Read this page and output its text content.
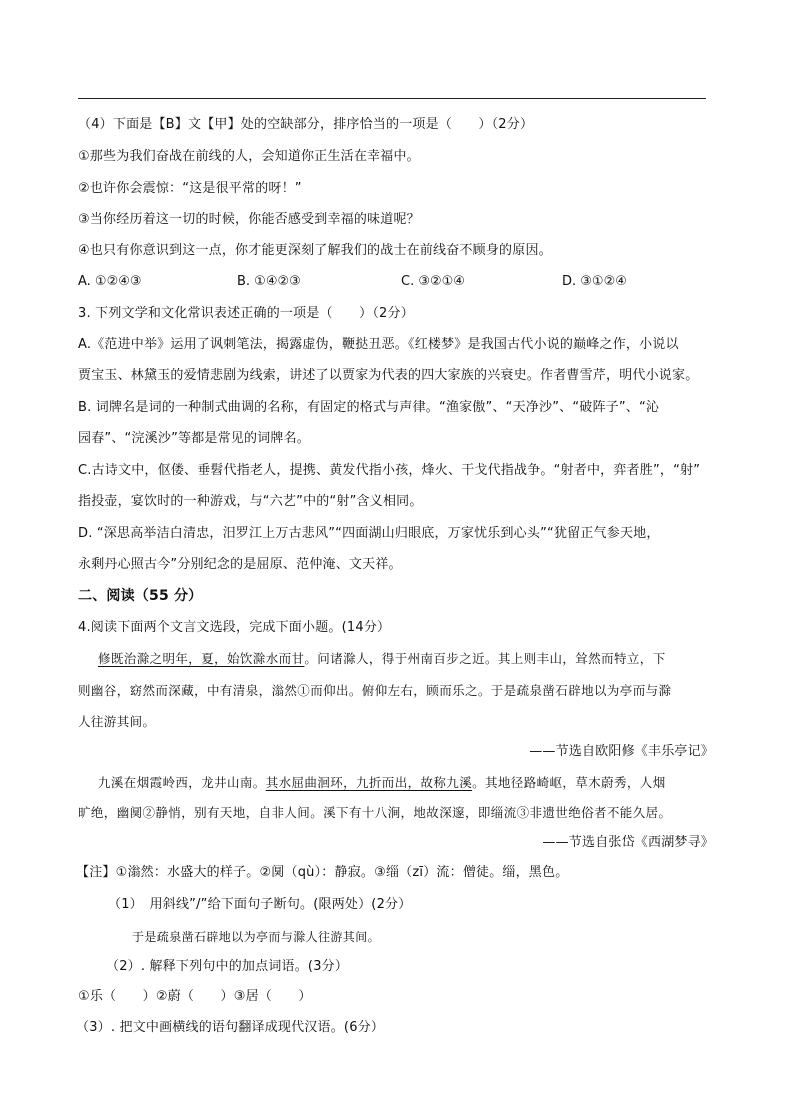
（4）下面是【B】文【甲】处的空缺部分，排序恰当的一项是（　　）（2分）
①那些为我们奋战在前线的人，会知道你正生活在幸福中。
②也许你会震惊：“这是很平常的呀！”
③当你经历着这一切的时候，你能否感受到幸福的味道呢？
④也只有你意识到这一点，你才能更深刻了解我们的战士在前线奋不顾身的原因。
A. ①②④③	B. ①④②③	C. ③②①④	D. ③①②④
3. 下列文学和文化常识表述正确的一项是（　　）（2分）
A.《范进中举》运用了讽刺笔法，揭露虚伪，鞭挞丑恶。《红楼梦》是我国古代小说的巅峰之作，小说以
贾宝玉、林黛玉的爱情悲剧为线索，讲述了以贾家为代表的四大家族的兴衰史。作者曹雪芹，明代小说家。
B. 词牌名是词的一种制式曲调的名称，有固定的格式与声律。“渔家傲”、“天净沙”、“破阵子”、“沁
园春”、“浣溪沙”等都是常见的词牌名。
C.古诗文中，伛偻、垂髫代指老人，提携、黄发代指小孩，烽火、干戈代指战争。“射者中，弈者胜”，“射”
指投壶，宴饮时的一种游戏，与“六艺”中的“射”含义相同。
D. “深思高举洁白清忠，汨罗江上万古悲风”“四面湖山归眼底，万家忧乐到心头”“犹留正气参天地，
永剩丹心照古今”分别纪念的是屈原、范仲淹、文天祥。
二、阅读（55 分）
4.阅读下面两个文言文选段，完成下面小题。(14分）
修既治滁之明年，夏，始饮滁水而甘。问诸滁人，得于州南百步之近。其上则丰山，耸然而特立，下
则幽谷，窈然而深藏，中有清泉，滃然①而仰出。俯仰左右，顾而乐之。于是疏泉凿石辟地以为亭而与滁
人往游其间。
——节选自欧阳修《丰乐亭记》
九溪在烟霞岭西，龙井山南。其水屈曲洄环，九折而出，故称九溪。其地径路崎岖，草木蔚秀，人烟
旷绝，幽阒②静悄，别有天地，自非人间。溪下有十八涧，地故深邃，即缁流③非遗世绝俗者不能久居。
——节选自张岱《西湖梦寻》
【注】①滃然：水盛大的样子。②阒（qù）：静寂。③缁（zī）流：僧徒。缁，黑色。
（1）　用斜线”/”给下面句子断句。(限两处）(2分）
于是疏泉凿石辟地以为亭而与滁人往游其间。
（2）. 解释下列句中的加点词语。(3分）
①乐（　　）②蔚（　　）③居（　　）
（3）. 把文中画横线的语句翻译成现代汉语。(6分）
